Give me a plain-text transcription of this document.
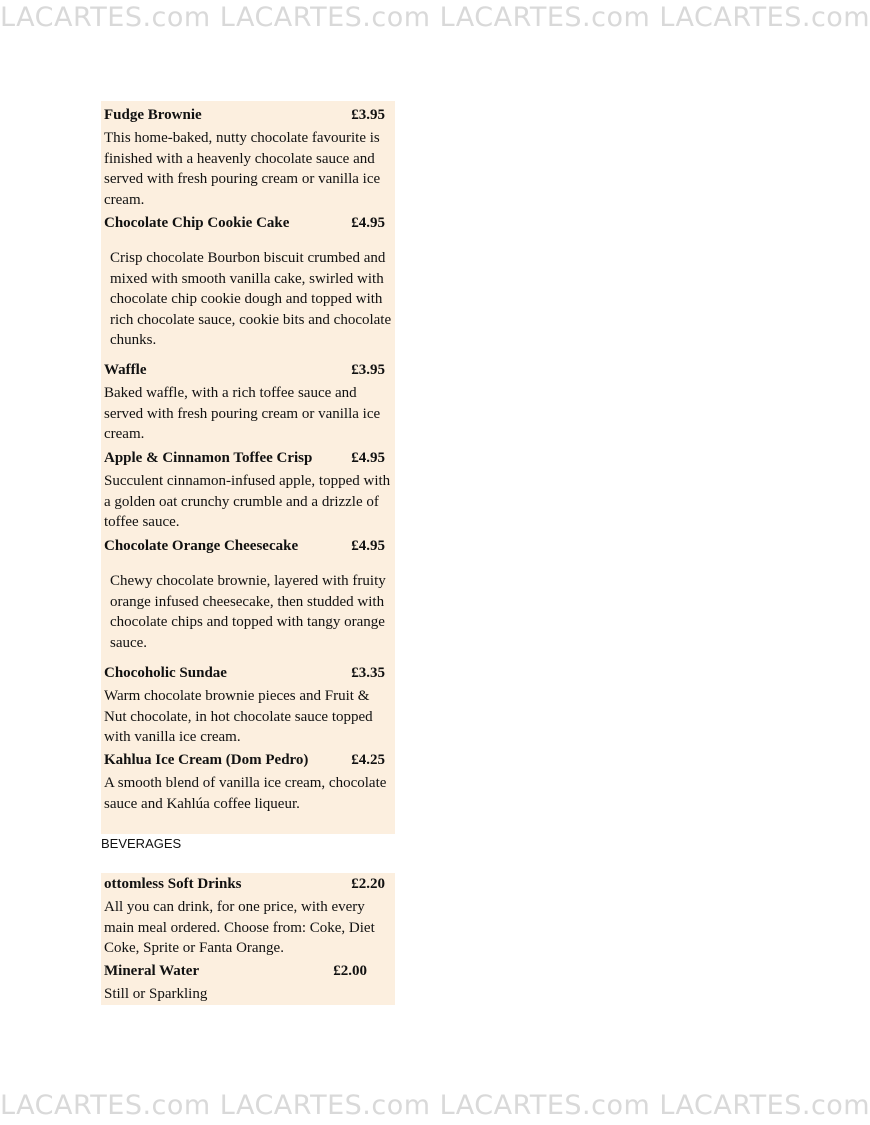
LACARTES.com LACARTES.com LACARTES.com LACARTES.com
Fudge Brownie	£3.95
This home-baked, nutty chocolate favourite is finished with a heavenly chocolate sauce and served with fresh pouring cream or vanilla ice cream.
Chocolate Chip Cookie Cake	£4.95
Crisp chocolate Bourbon biscuit crumbed and mixed with smooth vanilla cake, swirled with chocolate chip cookie dough and topped with rich chocolate sauce, cookie bits and chocolate chunks.
Waffle	£3.95
Baked waffle, with a rich toffee sauce and served with fresh pouring cream or vanilla ice cream.
Apple & Cinnamon Toffee Crisp	£4.95
Succulent cinnamon-infused apple, topped with a golden oat crunchy crumble and a drizzle of toffee sauce.
Chocolate Orange Cheesecake	£4.95
Chewy chocolate brownie, layered with fruity orange infused cheesecake, then studded with chocolate chips and topped with tangy orange sauce.
Chocoholic Sundae	£3.35
Warm chocolate brownie pieces and Fruit & Nut chocolate, in hot chocolate sauce topped with vanilla ice cream.
Kahlua Ice Cream (Dom Pedro)	£4.25
A smooth blend of vanilla ice cream, chocolate sauce and Kahlúa coffee liqueur.
BEVERAGES
ottomless Soft Drinks	£2.20
All you can drink, for one price, with every main meal ordered. Choose from: Coke, Diet Coke, Sprite or Fanta Orange.
Mineral Water	£2.00
Still or Sparkling
LACARTES.com LACARTES.com LACARTES.com LACARTES.com
